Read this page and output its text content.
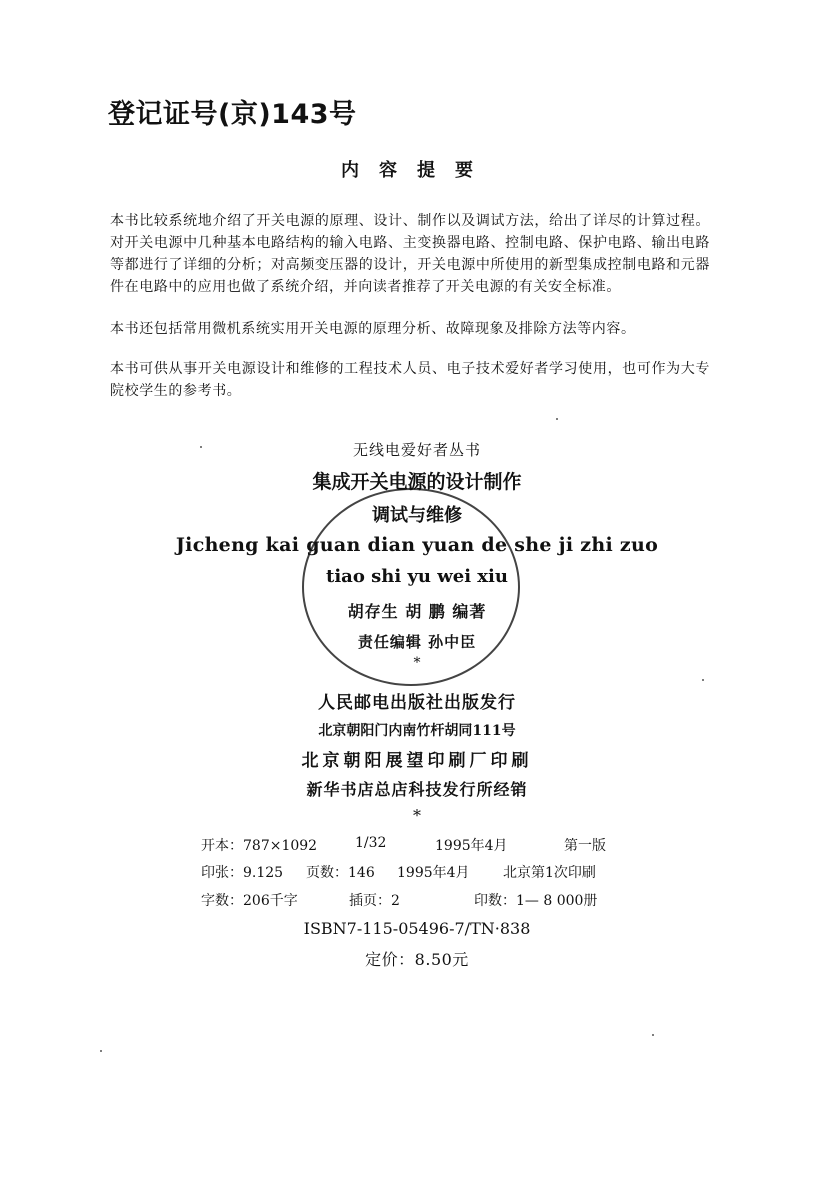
登记证号(京)143号
内容提要

本书比较系统地介绍了开关电源的原理、设计、制作以及调试方法，给出了详尽的计算过程。对开关电源中几种基本电路结构的输入电路、主变换器电路、控制电路、保护电路、输出电路等都进行了详细的分析；对高频变压器的设计，开关电源中所使用的新型集成控制电路和元器件在电路中的应用也做了系统介绍，并向读者推荐了开关电源的有关安全标准。

本书还包括常用微机系统实用开关电源的原理分析、故障现象及排除方法等内容。

本书可供从事开关电源设计和维修的工程技术人员、电子技术爱好者学习使用，也可作为大专院校学生的参考书。

无线电爱好者丛书
集成开关电源的设计制作
调试与维修
Jicheng kai guan dian yuan de she ji zhi zuo
tiao shi yu wei xiu
胡存生 胡 鹏 编著
责任编辑 孙中臣
*
人民邮电出版社出版发行
北京朝阳门内南竹杆胡同111号
北京朝阳展望印刷厂印刷
新华书店总店科技发行所经销
*
开本：787×1092	1/32	1995年4月	第一版
印张：9.125 页数：146 1995年4月 北京第1次印刷
字数：206千字	插页：2	印数：1— 8 000册
ISBN7-115-05496-7/TN·838
定价：8.50元
